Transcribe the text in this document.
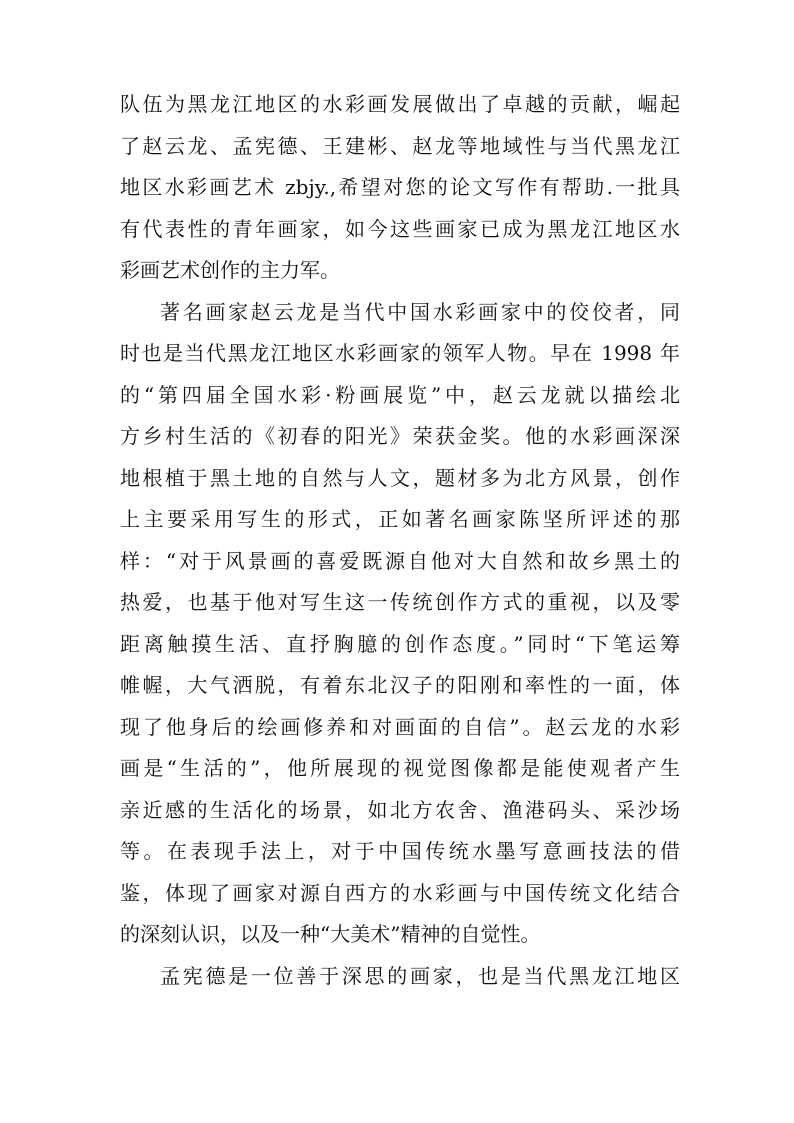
队伍为黑龙江地区的水彩画发展做出了卓越的贡献，崛起
了赵云龙、孟宪德、王建彬、赵龙等地域性与当代黑龙江
地区水彩画艺术 zbjy.,希望对您的论文写作有帮助.一批具
有代表性的青年画家，如今这些画家已成为黑龙江地区水
彩画艺术创作的主力军。
著名画家赵云龙是当代中国水彩画家中的佼佼者，同
时也是当代黑龙江地区水彩画家的领军人物。早在 1998 年
的“第四届全国水彩·粉画展览”中，赵云龙就以描绘北
方乡村生活的《初春的阳光》荣获金奖。他的水彩画深深
地根植于黑土地的自然与人文，题材多为北方风景，创作
上主要采用写生的形式，正如著名画家陈坚所评述的那
样：“对于风景画的喜爱既源自他对大自然和故乡黑土的
热爱，也基于他对写生这一传统创作方式的重视，以及零
距离触摸生活、直抒胸臆的创作态度。”同时“下笔运筹
帷幄，大气洒脱，有着东北汉子的阳刚和率性的一面，体
现了他身后的绘画修养和对画面的自信”。赵云龙的水彩
画是“生活的”，他所展现的视觉图像都是能使观者产生
亲近感的生活化的场景，如北方农舍、渔港码头、采沙场
等。在表现手法上，对于中国传统水墨写意画技法的借
鉴，体现了画家对源自西方的水彩画与中国传统文化结合
的深刻认识，以及一种“大美术”精神的自觉性。
孟宪德是一位善于深思的画家，也是当代黑龙江地区
